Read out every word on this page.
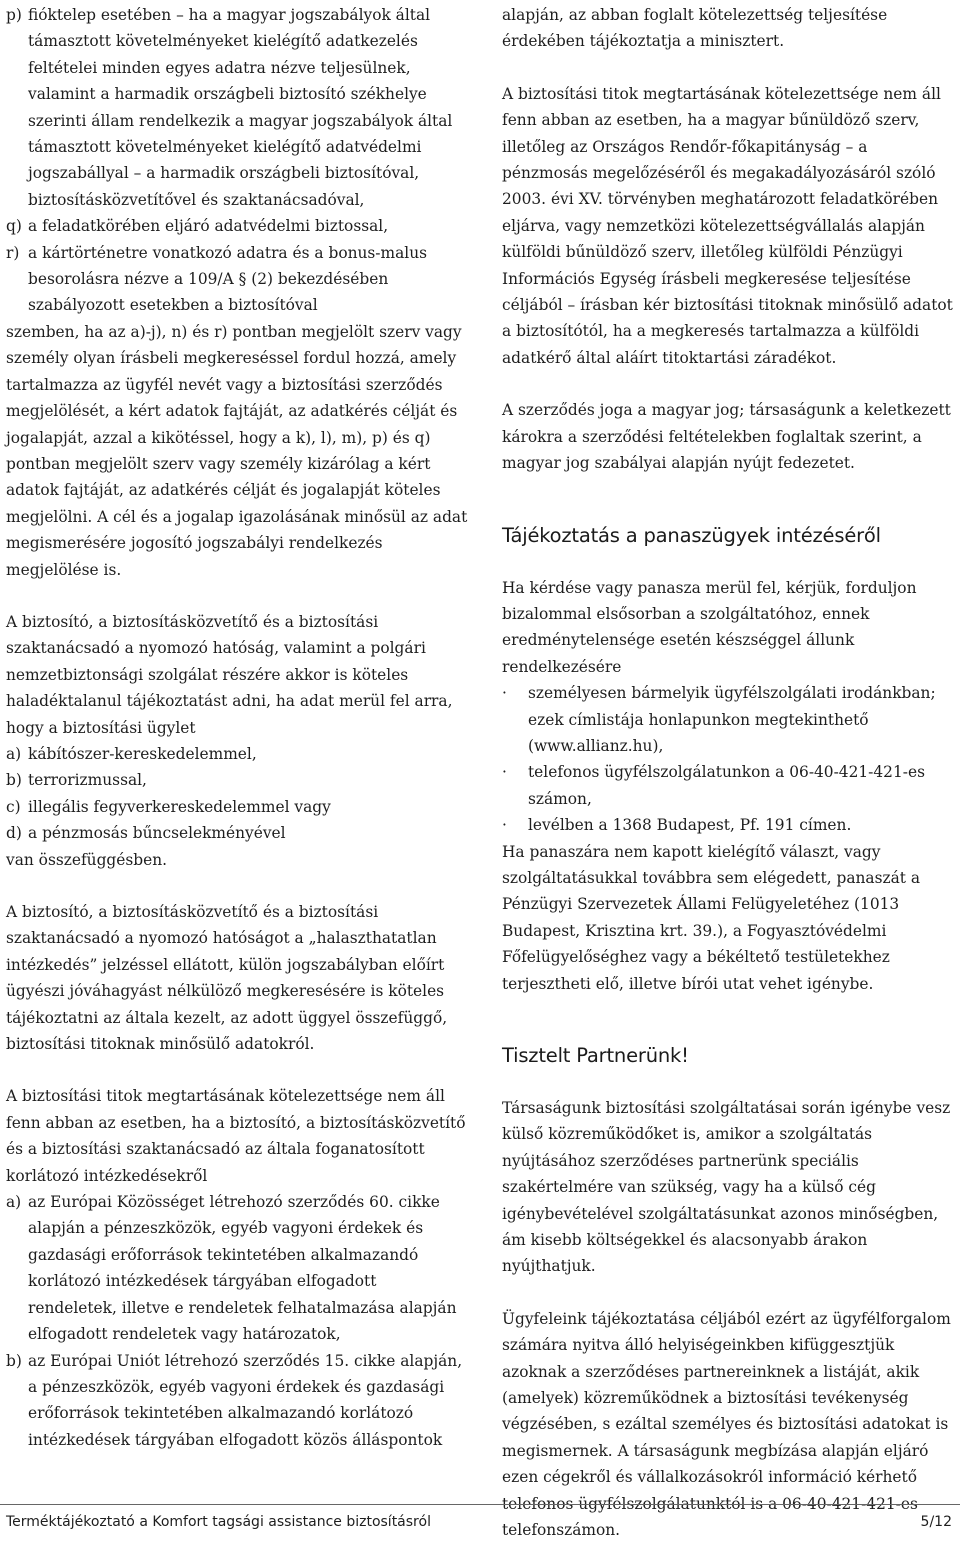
p) fióktelep esetében – ha a magyar jogszabályok által támasztott követelményeket kielégítő adatkezelés feltételei minden egyes adatra nézve teljesülnek, valamint a harmadik országbeli biztosító székhelye szerinti állam rendelkezik a magyar jogszabályok által támasztott követelményeket kielégítő adatvédelmi jogszabállyal – a harmadik országbeli biztosítóval, biztosításközvetítővel és szaktanácsadóval,
q) a feladatkörében eljáró adatvédelmi biztossal,
r) a kártörténetre vonatkozó adatra és a bonus-malus besorolásra nézve a 109/A § (2) bekezdésében szabályozott esetekben a biztosítóval

szemben, ha az a)-j), n) és r) pontban megjelölt szerv vagy személy olyan írásbeli megkereséssel fordul hozzá, amely tartalmazza az ügyfél nevét vagy a biztosítási szerződés megjelölését, a kért adatok fajtáját, az adatkérés célját és jogalapját, azzal a kikötéssel, hogy a k), l), m), p) és q) pontban megjelölt szerv vagy személy kizárólag a kért adatok fajtáját, az adatkérés célját és jogalapját köteles megjelölni. A cél és a jogalap igazolásának minősül az adat megismerésére jogosító jogszabályi rendelkezés megjelölése is.

A biztosító, a biztosításközvetítő és a biztosítási szaktanácsadó a nyomozó hatóság, valamint a polgári nemzetbiztonsági szolgálat részére akkor is köteles haladéktalanul tájékoztatást adni, ha adat merül fel arra, hogy a biztosítási ügylet

a) kábítószer-kereskedelemmel,
b) terrorizmussal,
c) illegális fegyverkereskedelemmel vagy
d) a pénzmosás bűncselekményével

van összefüggésben.

A biztosító, a biztosításközvetítő és a biztosítási szaktanácsadó a nyomozó hatóságot a „halaszthatatlan intézkedés” jelzéssel ellátott, külön jogszabályban előírt ügyészi jóváhagyást nélkülöző megkeresésére is köteles tájékoztatni az általa kezelt, az adott üggyel összefüggő, biztosítási titoknak minősülő adatokról.

A biztosítási titok megtartásának kötelezettsége nem áll fenn abban az esetben, ha a biztosító, a biztosításközvetítő és a biztosítási szaktanácsadó az általa foganatosított korlátozó intézkedésekről

a) az Európai Közösséget létrehozó szerződés 60. cikke alapján a pénzeszközök, egyéb vagyoni érdekek és gazdasági erőforrások tekintetében alkalmazandó korlátozó intézkedések tárgyában elfogadott rendeletek, illetve e rendeletek felhatalmazása alapján elfogadott rendeletek vagy határozatok,
b) az Európai Uniót létrehozó szerződés 15. cikke alapján, a pénzeszközök, egyéb vagyoni érdekek és gazdasági erőforrások tekintetében alkalmazandó korlátozó intézkedések tárgyában elfogadott közös álláspontok

alapján, az abban foglalt kötelezettség teljesítése érdekében tájékoztatja a minisztert.

A biztosítási titok megtartásának kötelezettsége nem áll fenn abban az esetben, ha a magyar bűnüldöző szerv, illetőleg az Országos Rendőr-főkapitányság – a pénzmosás megelőzéséről és megakadályozásáról szóló 2003. évi XV. törvényben meghatározott feladatkörében eljárva, vagy nemzetközi kötelezettségvállalás alapján külföldi bűnüldöző szerv, illetőleg külföldi Pénzügyi Információs Egység írásbeli megkeresése teljesítése céljából – írásban kér biztosítási titoknak minősülő adatot a biztosítótól, ha a megkeresés tartalmazza a külföldi adatkérő által aláírt titoktartási záradékot.

A szerződés joga a magyar jog; társaságunk a keletkezett károkra a szerződési feltételekben foglaltak szerint, a magyar jog szabályai alapján nyújt fedezetet.

Tájékoztatás a panaszügyek intézéséről

Ha kérdése vagy panasza merül fel, kérjük, forduljon bizalommal elsősorban a szolgáltatóhoz, ennek eredménytelensége esetén készséggel állunk rendelkezésére

·	személyesen bármelyik ügyfélszolgálati irodánkban; ezek címlistája honlapunkon megtekinthető (www.allianz.hu),
·	telefonos ügyfélszolgálatunkon a 06-40-421-421-es számon,
·	levélben a 1368 Budapest, Pf. 191 címen.

Ha panaszára nem kapott kielégítő választ, vagy szolgáltatásukkal továbbra sem elégedett, panaszát a Pénzügyi Szervezetek Állami Felügyeletéhez (1013 Budapest, Krisztina krt. 39.), a Fogyasztóvédelmi Főfelügyelőséghez vagy a békéltető testületekhez terjesztheti elő, illetve bírói utat vehet igénybe.

Tisztelt Partnerünk!

Társaságunk biztosítási szolgáltatásai során igénybe vesz külső közreműködőket is, amikor a szolgáltatás nyújtásához szerződéses partnerünk speciális szakértelmére van szükség, vagy ha a külső cég igénybevételével szolgáltatásunkat azonos minőségben, ám kisebb költségekkel és alacsonyabb árakon nyújthatjuk.

Ügyfeleink tájékoztatása céljából ezért az ügyfélforgalom számára nyitva álló helyiségeinkben kifüggesztjük azoknak a szerződéses partnereinknek a listáját, akik (amelyek) közreműködnek a biztosítási tevékenység végzésében, s ezáltal személyes és biztosítási adatokat is megismernek. A társaságunk megbízása alapján eljáró ezen cégekről és vállalkozásokról információ kérhető telefonos ügyfélszolgálatunktól is a 06-40-421-421-es telefonszámon.

Terméktájékoztató a Komfort tagsági assistance biztosításról	5/12
